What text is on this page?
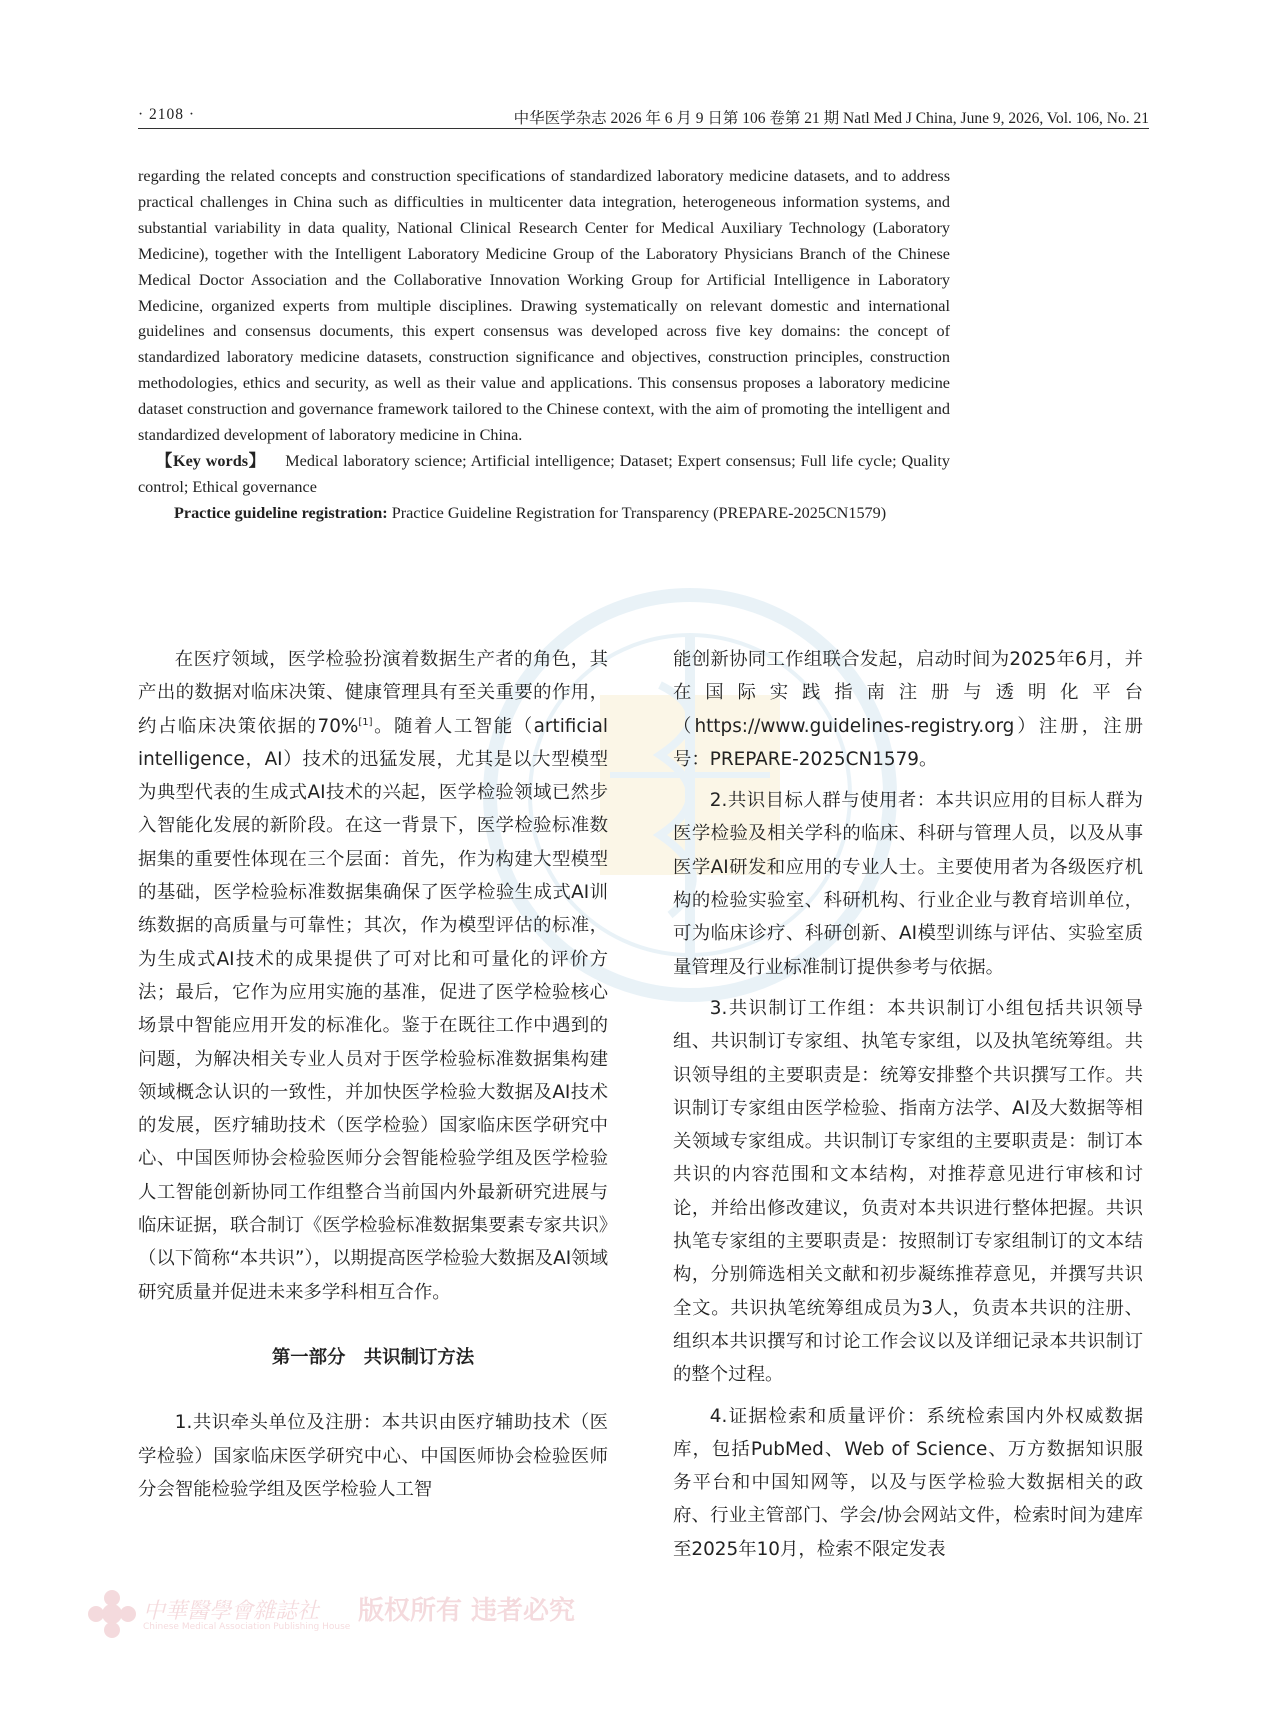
· 2108 ·	中华医学杂志 2026 年 6 月 9 日第 106 卷第 21 期 Natl Med J China, June 9, 2026, Vol. 106, No. 21

regarding the related concepts and construction specifications of standardized laboratory medicine datasets, and to address practical challenges in China such as difficulties in multicenter data integration, heterogeneous information systems, and substantial variability in data quality, National Clinical Research Center for Medical Auxiliary Technology (Laboratory Medicine), together with the Intelligent Laboratory Medicine Group of the Laboratory Physicians Branch of the Chinese Medical Doctor Association and the Collaborative Innovation Working Group for Artificial Intelligence in Laboratory Medicine, organized experts from multiple disciplines. Drawing systematically on relevant domestic and international guidelines and consensus documents, this expert consensus was developed across five key domains: the concept of standardized laboratory medicine datasets, construction significance and objectives, construction principles, construction methodologies, ethics and security, as well as their value and applications. This consensus proposes a laboratory medicine dataset construction and governance framework tailored to the Chinese context, with the aim of promoting the intelligent and standardized development of laboratory medicine in China.

【Key words】 Medical laboratory science; Artificial intelligence; Dataset; Expert consensus; Full life cycle; Quality control; Ethical governance

Practice guideline registration: Practice Guideline Registration for Transparency (PREPARE-2025CN1579)

在医疗领域，医学检验扮演着数据生产者的角色，其产出的数据对临床决策、健康管理具有至关重要的作用，约占临床决策依据的70%[1]。随着人工智能（artificial intelligence，AI）技术的迅猛发展，尤其是以大型模型为典型代表的生成式AI技术的兴起，医学检验领域已然步入智能化发展的新阶段。在这一背景下，医学检验标准数据集的重要性体现在三个层面：首先，作为构建大型模型的基础，医学检验标准数据集确保了医学检验生成式AI训练数据的高质量与可靠性；其次，作为模型评估的标准，为生成式AI技术的成果提供了可对比和可量化的评价方法；最后，它作为应用实施的基准，促进了医学检验核心场景中智能应用开发的标准化。鉴于在既往工作中遇到的问题，为解决相关专业人员对于医学检验标准数据集构建领域概念认识的一致性，并加快医学检验大数据及AI技术的发展，医疗辅助技术（医学检验）国家临床医学研究中心、中国医师协会检验医师分会智能检验学组及医学检验人工智能创新协同工作组整合当前国内外最新研究进展与临床证据，联合制订《医学检验标准数据集要素专家共识》（以下简称“本共识”），以期提高医学检验大数据及AI领域研究质量并促进未来多学科相互合作。

第一部分　共识制订方法

1.共识牵头单位及注册：本共识由医疗辅助技术（医学检验）国家临床医学研究中心、中国医师协会检验医师分会智能检验学组及医学检验人工智

能创新协同工作组联合发起，启动时间为2025年6月，并在国际实践指南注册与透明化平台（https://www.guidelines-registry.org）注册，注册号：PREPARE-2025CN1579。

2.共识目标人群与使用者：本共识应用的目标人群为医学检验及相关学科的临床、科研与管理人员，以及从事医学AI研发和应用的专业人士。主要使用者为各级医疗机构的检验实验室、科研机构、行业企业与教育培训单位，可为临床诊疗、科研创新、AI模型训练与评估、实验室质量管理及行业标准制订提供参考与依据。

3.共识制订工作组：本共识制订小组包括共识领导组、共识制订专家组、执笔专家组，以及执笔统筹组。共识领导组的主要职责是：统筹安排整个共识撰写工作。共识制订专家组由医学检验、指南方法学、AI及大数据等相关领域专家组成。共识制订专家组的主要职责是：制订本共识的内容范围和文本结构，对推荐意见进行审核和讨论，并给出修改建议，负责对本共识进行整体把握。共识执笔专家组的主要职责是：按照制订专家组制订的文本结构，分别筛选相关文献和初步凝练推荐意见，并撰写共识全文。共识执笔统筹组成员为3人，负责本共识的注册、组织本共识撰写和讨论工作会议以及详细记录本共识制订的整个过程。

4.证据检索和质量评价：系统检索国内外权威数据库，包括PubMed、Web of Science、万方数据知识服务平台和中国知网等，以及与医学检验大数据相关的政府、行业主管部门、学会/协会网站文件，检索时间为建库至2025年10月，检索不限定发表

中華醫學會雜誌社
Chinese Medical Association Publishing House
版权所有 违者必究
